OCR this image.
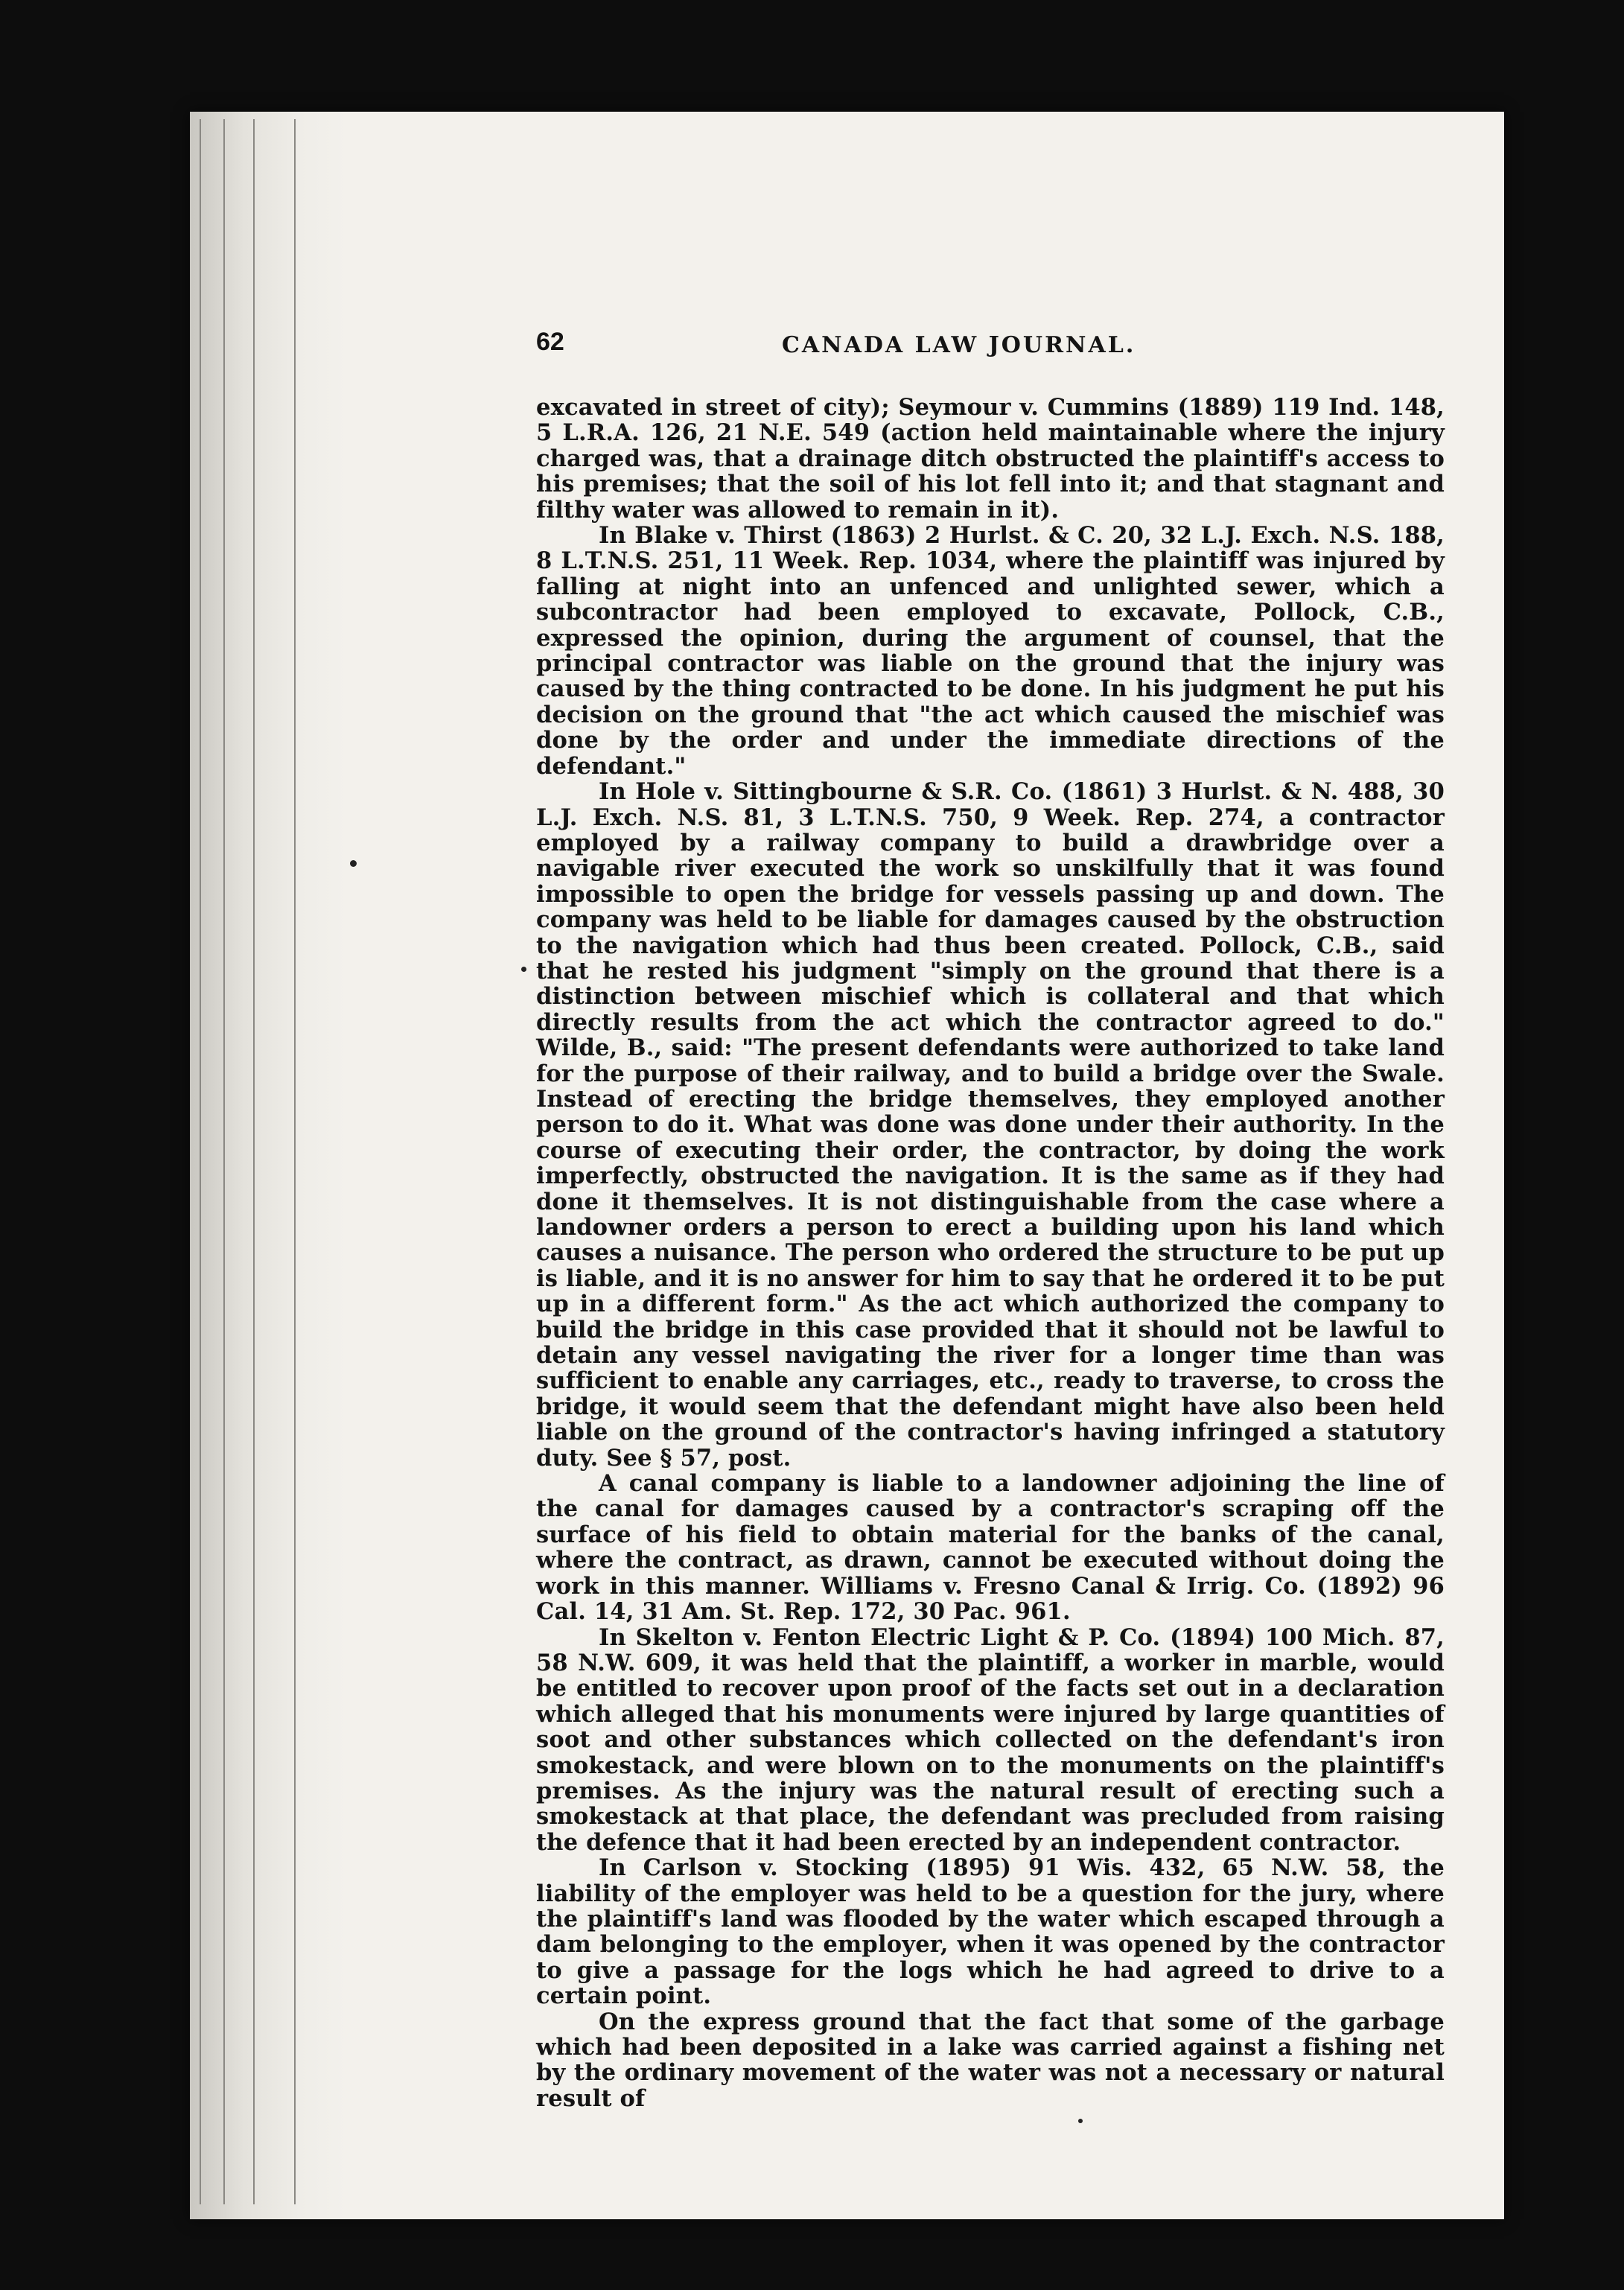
62	CANADA LAW JOURNAL.

excavated in street of city); Seymour v. Cummins (1889) 119 Ind. 148, 5 L.R.A. 126, 21 N.E. 549 (action held maintainable where the injury charged was, that a drainage ditch obstructed the plaintiff's access to his premises; that the soil of his lot fell into it; and that stagnant and filthy water was allowed to remain in it).

In Blake v. Thirst (1863) 2 Hurlst. & C. 20, 32 L.J. Exch. N.S. 188, 8 L.T.N.S. 251, 11 Week. Rep. 1034, where the plaintiff was injured by falling at night into an unfenced and unlighted sewer, which a subcontractor had been employed to excavate, Pollock, C.B., expressed the opinion, during the argument of counsel, that the principal contractor was liable on the ground that the injury was caused by the thing contracted to be done. In his judgment he put his decision on the ground that "the act which caused the mischief was done by the order and under the immediate directions of the defendant."

In Hole v. Sittingbourne & S.R. Co. (1861) 3 Hurlst. & N. 488, 30 L.J. Exch. N.S. 81, 3 L.T.N.S. 750, 9 Week. Rep. 274, a contractor employed by a railway company to build a drawbridge over a navigable river executed the work so unskilfully that it was found impossible to open the bridge for vessels passing up and down. The company was held to be liable for damages caused by the obstruction to the navigation which had thus been created. Pollock, C.B., said that he rested his judgment "simply on the ground that there is a distinction between mischief which is collateral and that which directly results from the act which the contractor agreed to do." Wilde, B., said: "The present defendants were authorized to take land for the purpose of their railway, and to build a bridge over the Swale. Instead of erecting the bridge themselves, they employed another person to do it. What was done was done under their authority. In the course of executing their order, the contractor, by doing the work imperfectly, obstructed the navigation. It is the same as if they had done it themselves. It is not distinguishable from the case where a landowner orders a person to erect a building upon his land which causes a nuisance. The person who ordered the structure to be put up is liable, and it is no answer for him to say that he ordered it to be put up in a different form." As the act which authorized the company to build the bridge in this case provided that it should not be lawful to detain any vessel navigating the river for a longer time than was sufficient to enable any carriages, etc., ready to traverse, to cross the bridge, it would seem that the defendant might have also been held liable on the ground of the contractor's having infringed a statutory duty. See § 57, post.

A canal company is liable to a landowner adjoining the line of the canal for damages caused by a contractor's scraping off the surface of his field to obtain material for the banks of the canal, where the contract, as drawn, cannot be executed without doing the work in this manner. Williams v. Fresno Canal & Irrig. Co. (1892) 96 Cal. 14, 31 Am. St. Rep. 172, 30 Pac. 961.

In Skelton v. Fenton Electric Light & P. Co. (1894) 100 Mich. 87, 58 N.W. 609, it was held that the plaintiff, a worker in marble, would be entitled to recover upon proof of the facts set out in a declaration which alleged that his monuments were injured by large quantities of soot and other substances which collected on the defendant's iron smokestack, and were blown on to the monuments on the plaintiff's premises. As the injury was the natural result of erecting such a smokestack at that place, the defendant was precluded from raising the defence that it had been erected by an independent contractor.

In Carlson v. Stocking (1895) 91 Wis. 432, 65 N.W. 58, the liability of the employer was held to be a question for the jury, where the plaintiff's land was flooded by the water which escaped through a dam belonging to the employer, when it was opened by the contractor to give a passage for the logs which he had agreed to drive to a certain point.

On the express ground that the fact that some of the garbage which had been deposited in a lake was carried against a fishing net by the ordinary movement of the water was not a necessary or natural result of
